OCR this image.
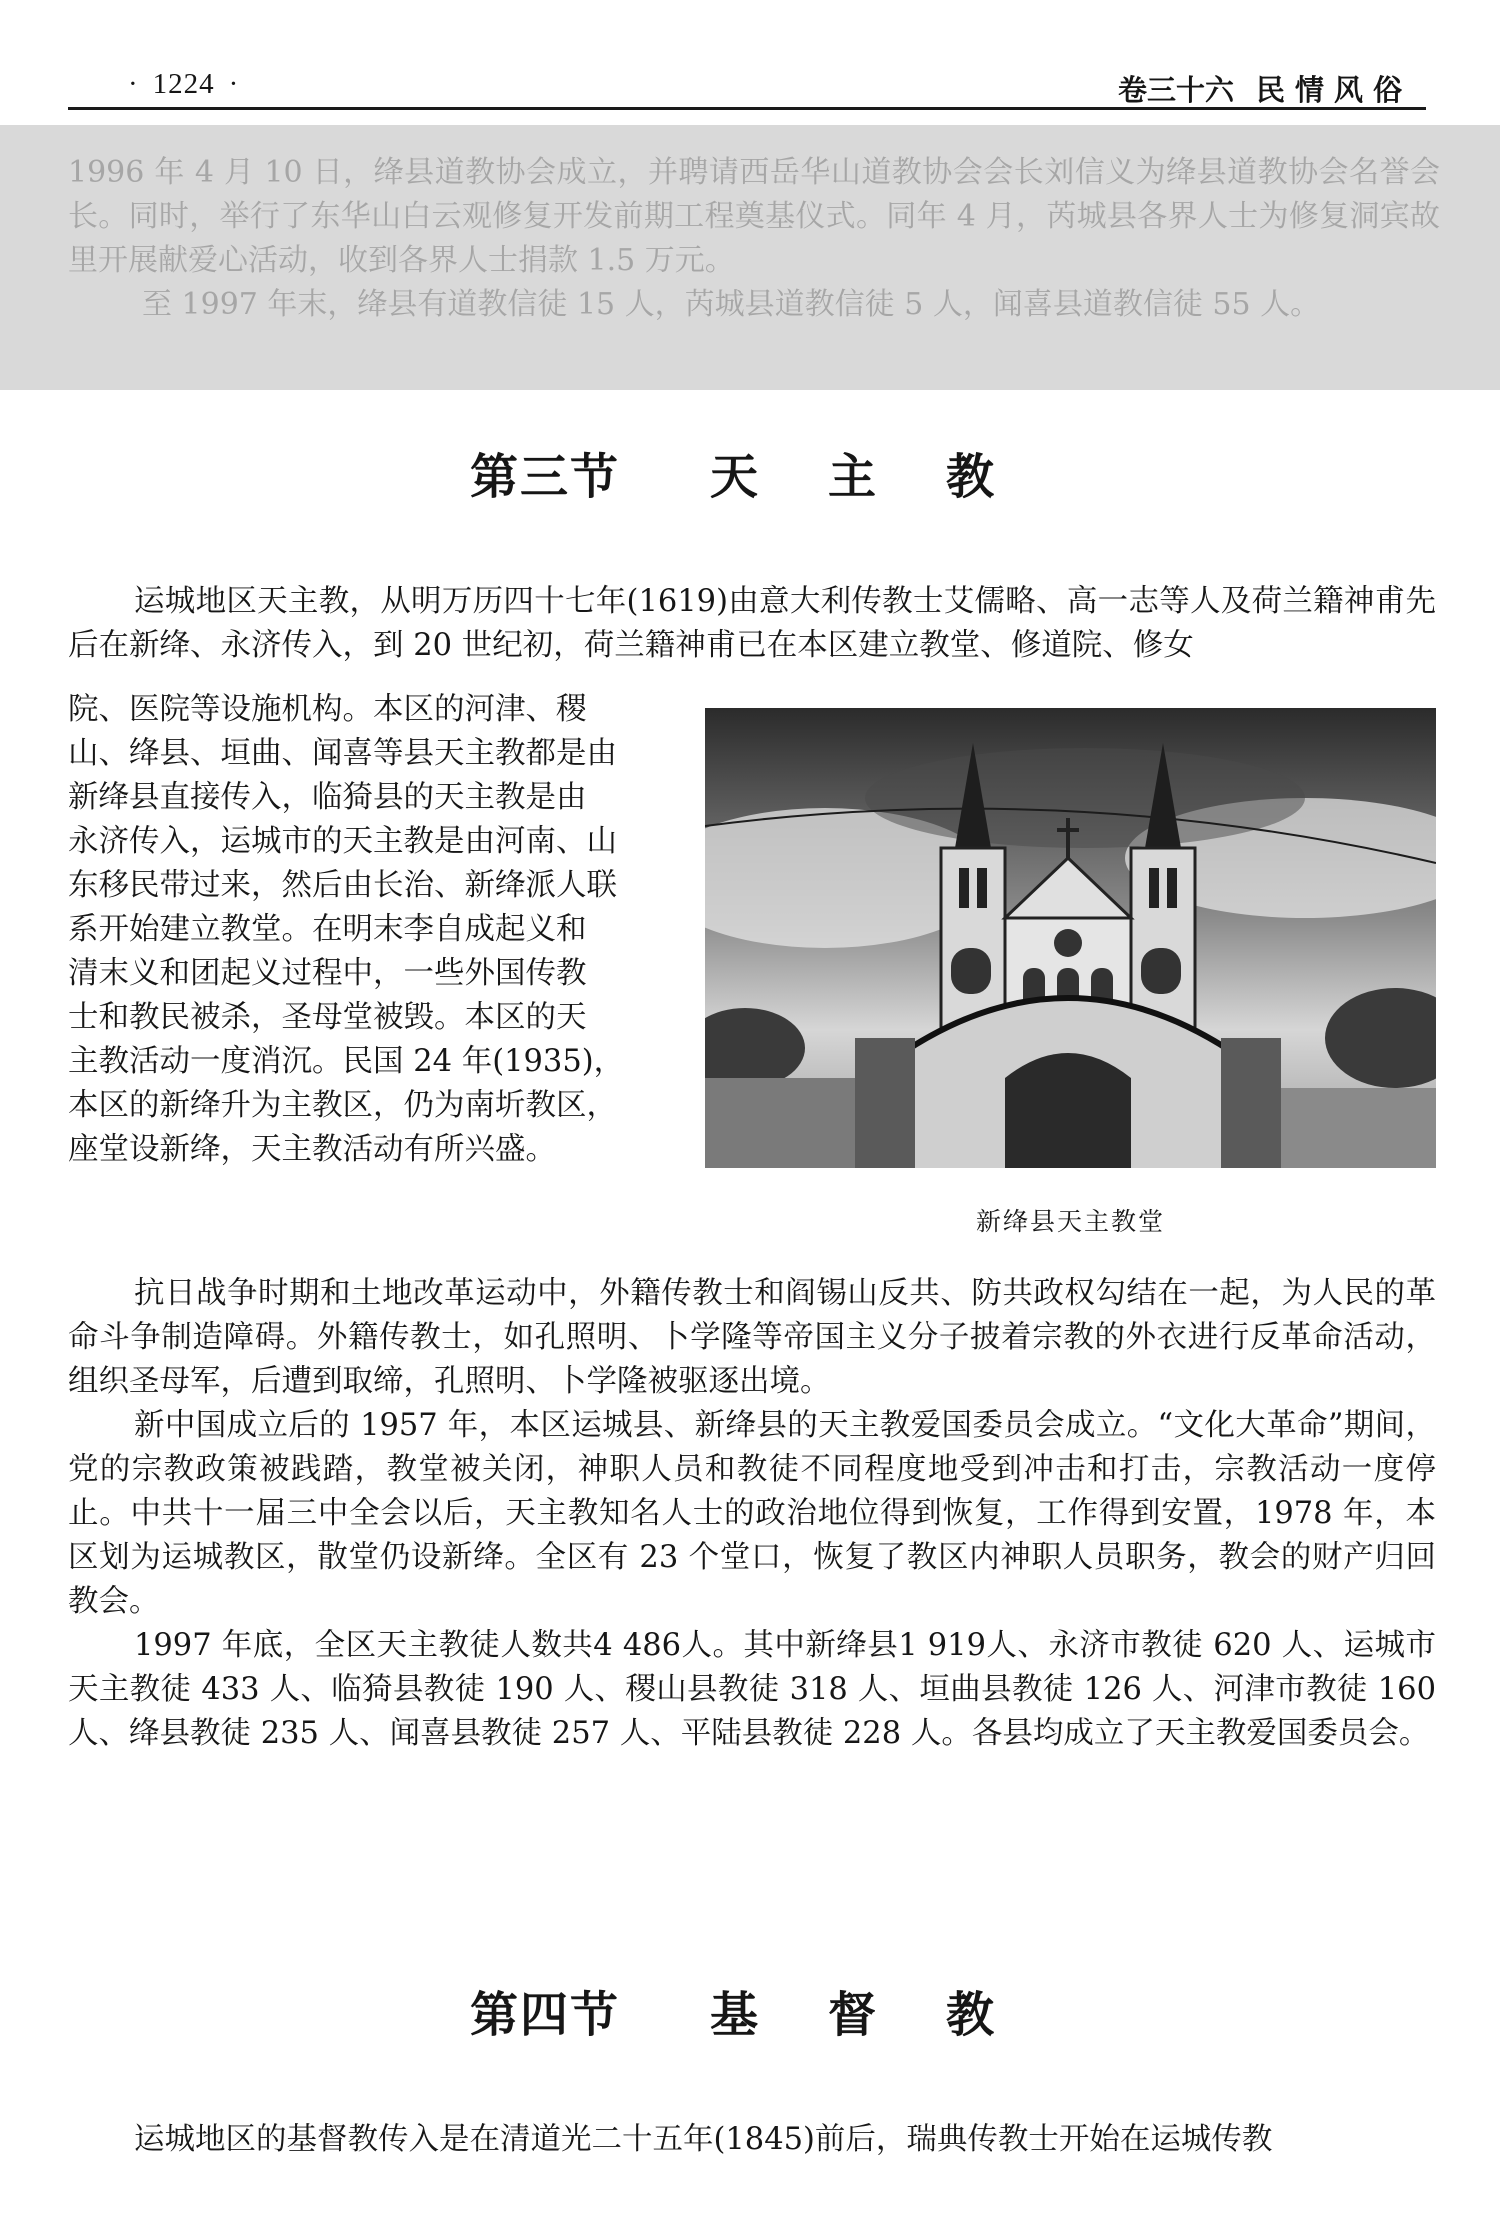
· 1224 ·	卷三十六 民情风俗

1996 年 4 月 10 日，绛县道教协会成立，并聘请西岳华山道教协会会长刘信义为绛县道教协会名誉会长。同时，举行了东华山白云观修复开发前期工程奠基仪式。同年 4 月，芮城县各界人士为修复洞宾故里开展献爱心活动，收到各界人士捐款 1.5 万元。

至 1997 年末，绛县有道教信徒 15 人，芮城县道教信徒 5 人，闻喜县道教信徒 55 人。

第三节 天 主 教

运城地区天主教，从明万历四十七年(1619)由意大利传教士艾儒略、高一志等人及荷兰籍神甫先后在新绛、永济传入，到 20 世纪初，荷兰籍神甫已在本区建立教堂、修道院、修女

院、医院等设施机构。本区的河津、稷
山、绛县、垣曲、闻喜等县天主教都是由
新绛县直接传入，临猗县的天主教是由
永济传入，运城市的天主教是由河南、山
东移民带过来，然后由长治、新绛派人联
系开始建立教堂。在明末李自成起义和
清末义和团起义过程中，一些外国传教
士和教民被杀，圣母堂被毁。本区的天
主教活动一度消沉。民国 24 年(1935)，
本区的新绛升为主教区，仍为南圻教区，
座堂设新绛，天主教活动有所兴盛。
新绛县天主教堂

抗日战争时期和土地改革运动中，外籍传教士和阎锡山反共、防共政权勾结在一起，为人民的革命斗争制造障碍。外籍传教士，如孔照明、卜学隆等帝国主义分子披着宗教的外衣进行反革命活动，组织圣母军，后遭到取缔，孔照明、卜学隆被驱逐出境。

新中国成立后的 1957 年，本区运城县、新绛县的天主教爱国委员会成立。“文化大革命”期间，党的宗教政策被践踏，教堂被关闭，神职人员和教徒不同程度地受到冲击和打击，宗教活动一度停止。中共十一届三中全会以后，天主教知名人士的政治地位得到恢复，工作得到安置，1978 年，本区划为运城教区，散堂仍设新绛。全区有 23 个堂口，恢复了教区内神职人员职务，教会的财产归回教会。

1997 年底，全区天主教徒人数共4 486人。其中新绛县1 919人、永济市教徒 620 人、运城市天主教徒 433 人、临猗县教徒 190 人、稷山县教徒 318 人、垣曲县教徒 126 人、河津市教徒 160 人、绛县教徒 235 人、闻喜县教徒 257 人、平陆县教徒 228 人。各县均成立了天主教爱国委员会。

第四节 基 督 教

运城地区的基督教传入是在清道光二十五年(1845)前后，瑞典传教士开始在运城传教
